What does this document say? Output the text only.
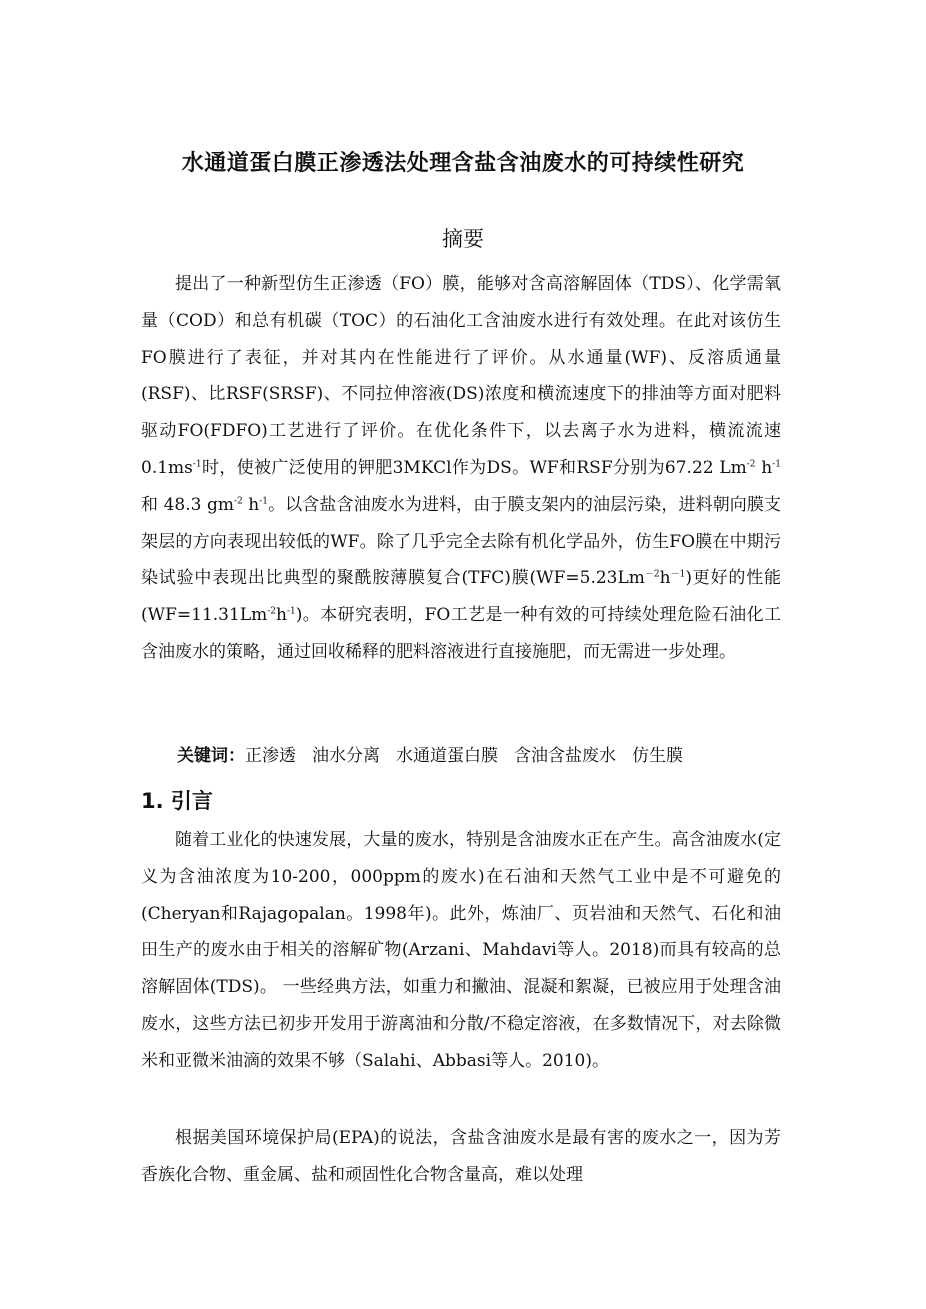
水通道蛋白膜正渗透法处理含盐含油废水的可持续性研究
摘要

提出了一种新型仿生正渗透（FO）膜，能够对含高溶解固体（TDS）、化学需氧量（COD）和总有机碳（TOC）的石油化工含油废水进行有效处理。在此对该仿生FO膜进行了表征，并对其内在性能进行了评价。从水通量(WF)、反溶质通量(RSF)、比RSF(SRSF)、不同拉伸溶液(DS)浓度和横流速度下的排油等方面对肥料驱动FO(FDFO)工艺进行了评价。在优化条件下，以去离子水为进料，横流流速$0.1ms^{-1}$时，使被广泛使用的钾肥3MKCl作为DS。WF和RSF分别为67.22 $Lm^{-2}$ $h^{-1}$和 48.3 $gm^{-2}$ $h^{-1}$。以含盐含油废水为进料，由于膜支架内的油层污染，进料朝向膜支架层的方向表现出较低的WF。除了几乎完全去除有机化学品外，仿生FO膜在中期污染试验中表现出比典型的聚酰胺薄膜复合(TFC)膜$(WF=5.23Lm^{-2}h^{-1})$更好的性能$(WF=11.31Lm^{-2}h^{-1})$。本研究表明，FO工艺是一种有效的可持续处理危险石油化工含油废水的策略，通过回收稀释的肥料溶液进行直接施肥，而无需进一步处理。

关键词：正渗透 油水分离 水通道蛋白膜 含油含盐废水 仿生膜
1. 引言

随着工业化的快速发展，大量的废水，特别是含油废水正在产生。高含油废水(定义为含油浓度为10-200，000ppm的废水)在石油和天然气工业中是不可避免的(Cheryan和Rajagopalan。1998年)。此外，炼油厂、页岩油和天然气、石化和油田生产的废水由于相关的溶解矿物(Arzani、Mahdavi等人。2018)而具有较高的总溶解固体(TDS)。 一些经典方法，如重力和撇油、混凝和絮凝，已被应用于处理含油废水，这些方法已初步开发用于游离油和分散/不稳定溶液，在多数情况下，对去除微米和亚微米油滴的效果不够（Salahi、Abbasi等人。2010)。

根据美国环境保护局(EPA)的说法，含盐含油废水是最有害的废水之一，因为芳香族化合物、重金属、盐和顽固性化合物含量高，难以处理
